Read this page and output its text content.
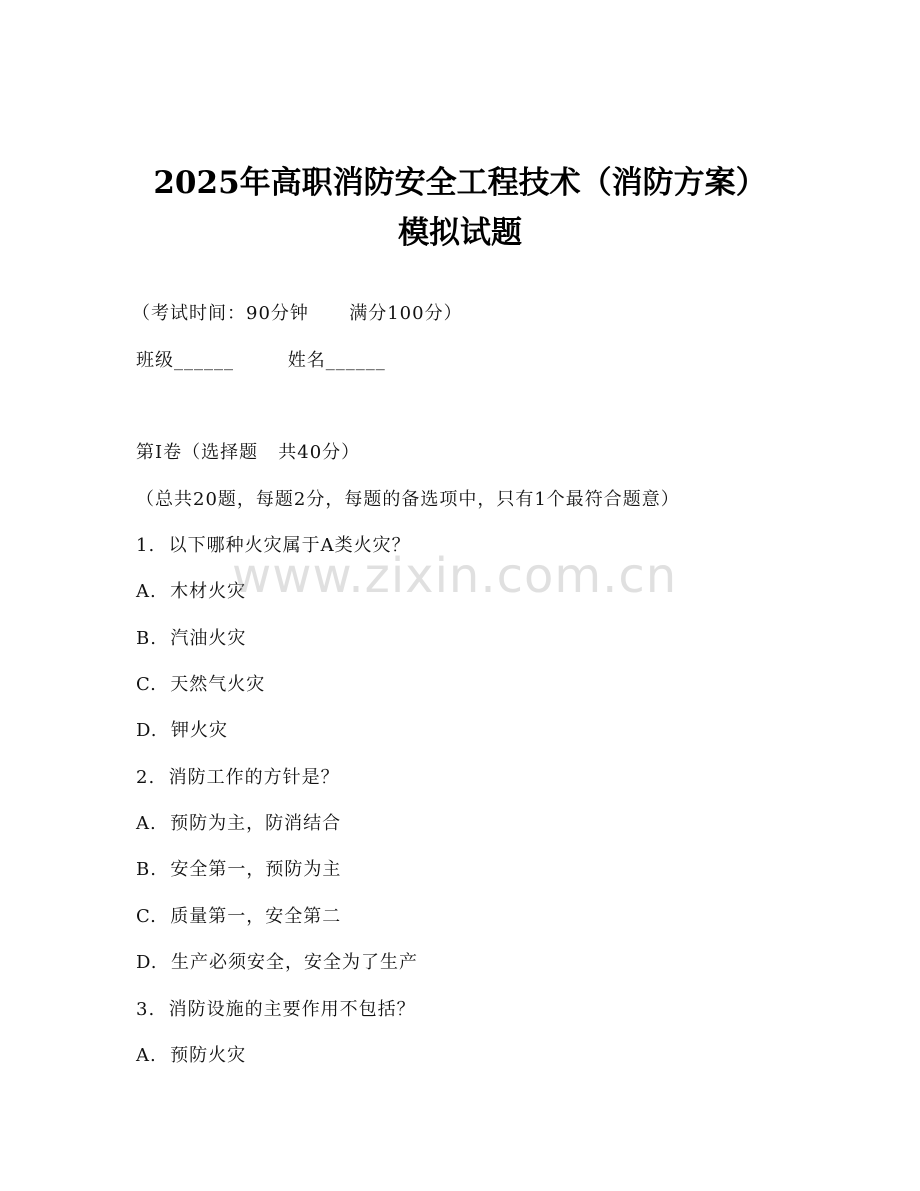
2025年高职消防安全工程技术（消防方案）
模拟试题
（考试时间：90分钟      满分100分）
班级______        姓名______
第I卷（选择题   共40分）
（总共20题，每题2分，每题的备选项中，只有1个最符合题意）
1.  以下哪种火灾属于A类火灾？
A.  木材火灾
B.  汽油火灾
C.  天然气火灾
D.  钾火灾
2.  消防工作的方针是？
A.  预防为主，防消结合
B.  安全第一，预防为主
C.  质量第一，安全第二
D.  生产必须安全，安全为了生产
3.  消防设施的主要作用不包括？
A.  预防火灾
www.zixin.com.cn
